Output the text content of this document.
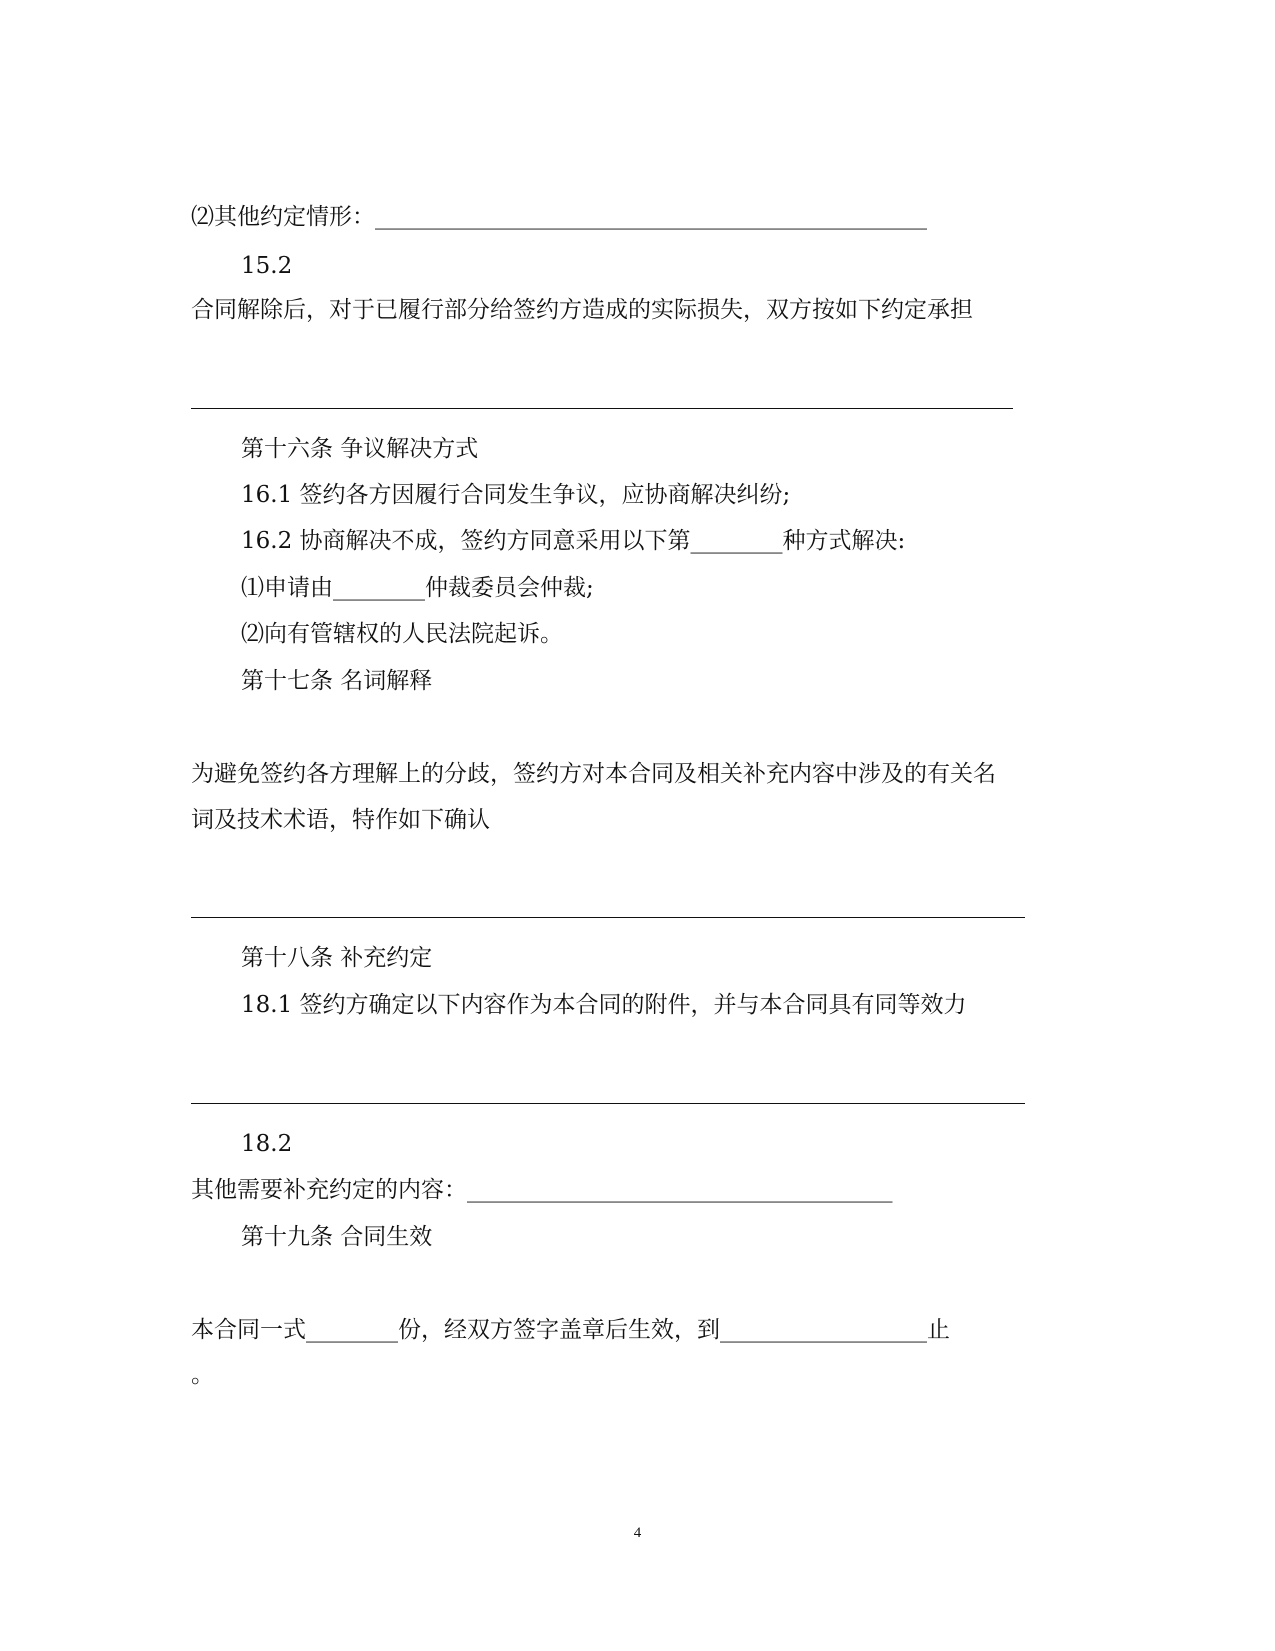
⑵其他约定情形：________________________________________________
15.2
合同解除后，对于已履行部分给签约方造成的实际损失，双方按如下约定承担
第十六条 争议解决方式
16.1 签约各方因履行合同发生争议，应协商解决纠纷;
16.2 协商解决不成，签约方同意采用以下第________种方式解决:
⑴申请由________仲裁委员会仲裁;
⑵向有管辖权的人民法院起诉。
第十七条 名词解释
为避免签约各方理解上的分歧，签约方对本合同及相关补充内容中涉及的有关名
词及技术术语，特作如下确认
第十八条 补充约定
18.1 签约方确定以下内容作为本合同的附件，并与本合同具有同等效力
18.2
其他需要补充约定的内容：_____________________________________
第十九条 合同生效
本合同一式________份，经双方签字盖章后生效，到__________________止
。
4
